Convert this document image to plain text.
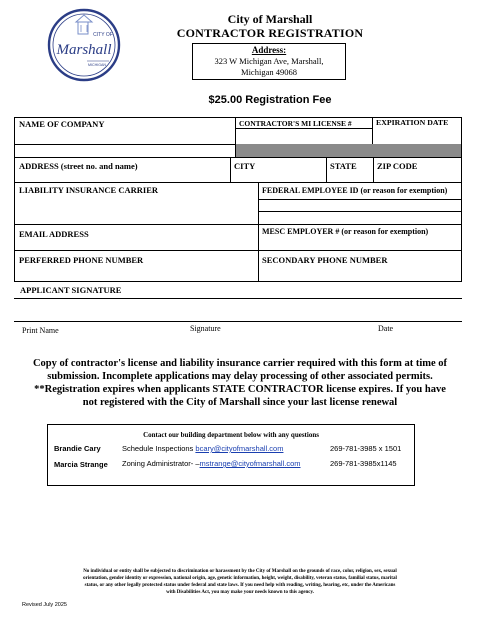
CITY OF
Marshall
MICHIGAN
City of Marshall
CONTRACTOR REGISTRATION
Address:
323 W Michigan Ave, Marshall,
Michigan 49068
$25.00 Registration Fee
NAME OF COMPANY	CONTRACTOR'S MI LICENSE #	EXPIRATION DATE
ADDRESS (street no. and name)	CITY	STATE ZIP CODE
LIABILITY INSURANCE CARRIER	FEDERAL EMPLOYEE ID (or reason for exemption)
EMAIL ADDRESS	MESC EMPLOYER # (or reason for exemption)
PERFERRED PHONE NUMBER	SECONDARY PHONE NUMBER
APPLICANT SIGNATURE
Print Name	Signature	Date
Copy of contractor's license and liability insurance carrier required with this form at time of
submission. Incomplete applications may delay processing of other associated permits.
**Registration expires when applicants STATE CONTRACTOR license expires. If you have
not registered with the City of Marshall since your last license renewal
Contact our building department below with any questions
Brandie Cary	Schedule Inspections bcary@cityofmarshall.com	269-781-3985 x 1501
Marcia Strange Zoning Administrator- –mstrange@cityofmarshall.com	269-781-3985x1145
No individual or entity shall be subjected to discrimination or harassment by the City of Marshall on the grounds of race, color, religion, sex, sexual
orientation, gender identity or expression, national origin, age, genetic information, height, weight, disability, veteran status, familial status, marital
status, or any other legally protected status under federal and state laws. If you need help with reading, writing, hearing, etc, under the Americans
with Disabilities Act, you may make your needs known to this agency.
Revised July 2025
